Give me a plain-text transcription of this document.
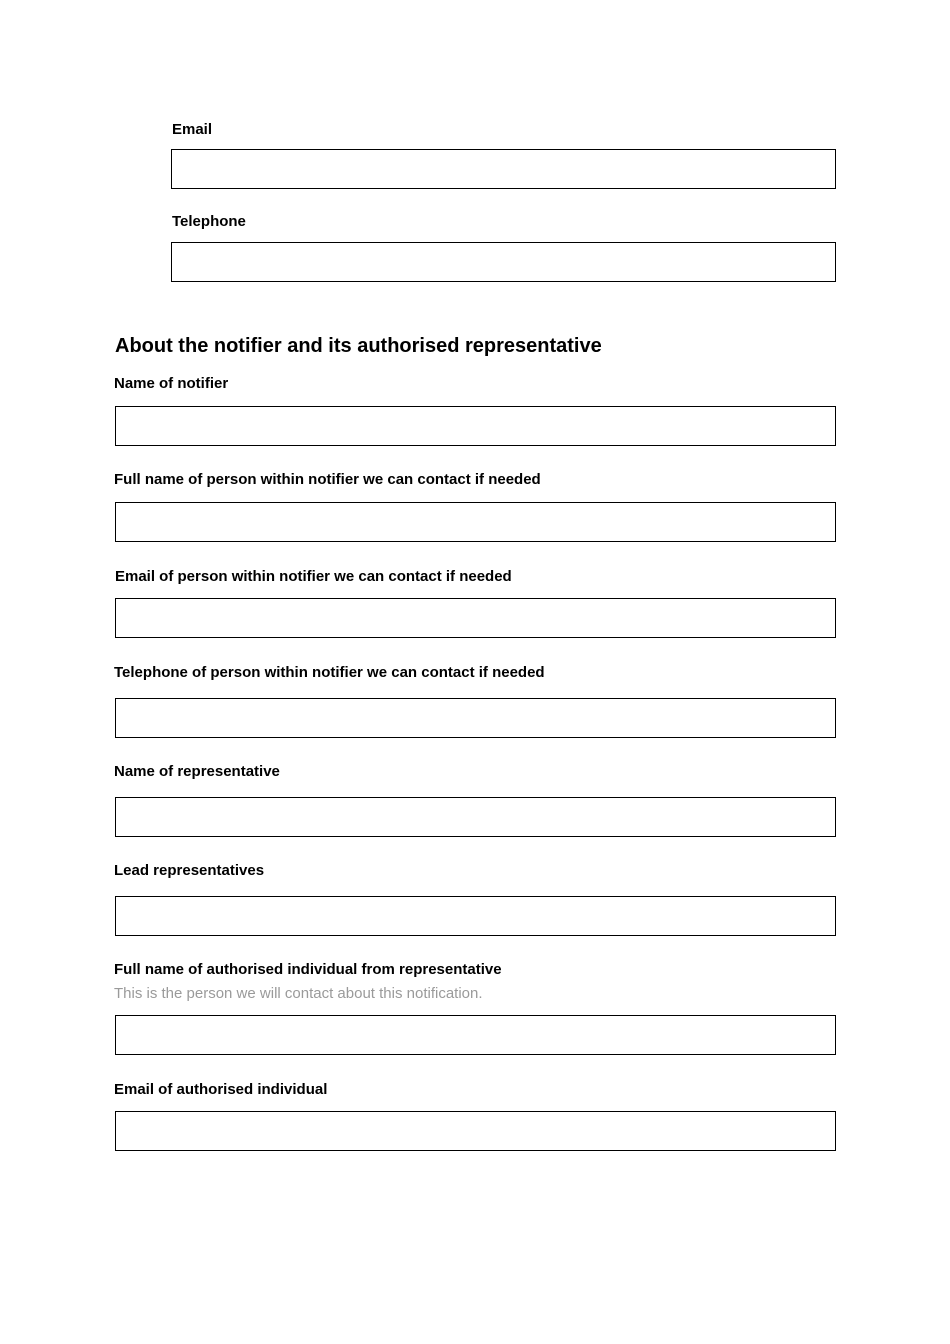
Email
Telephone
About the notifier and its authorised representative
Name of notifier
Full name of person within notifier we can contact if needed
Email of person within notifier we can contact if needed
Telephone of person within notifier we can contact if needed
Name of representative
Lead representatives
Full name of authorised individual from representative
This is the person we will contact about this notification.
Email of authorised individual
